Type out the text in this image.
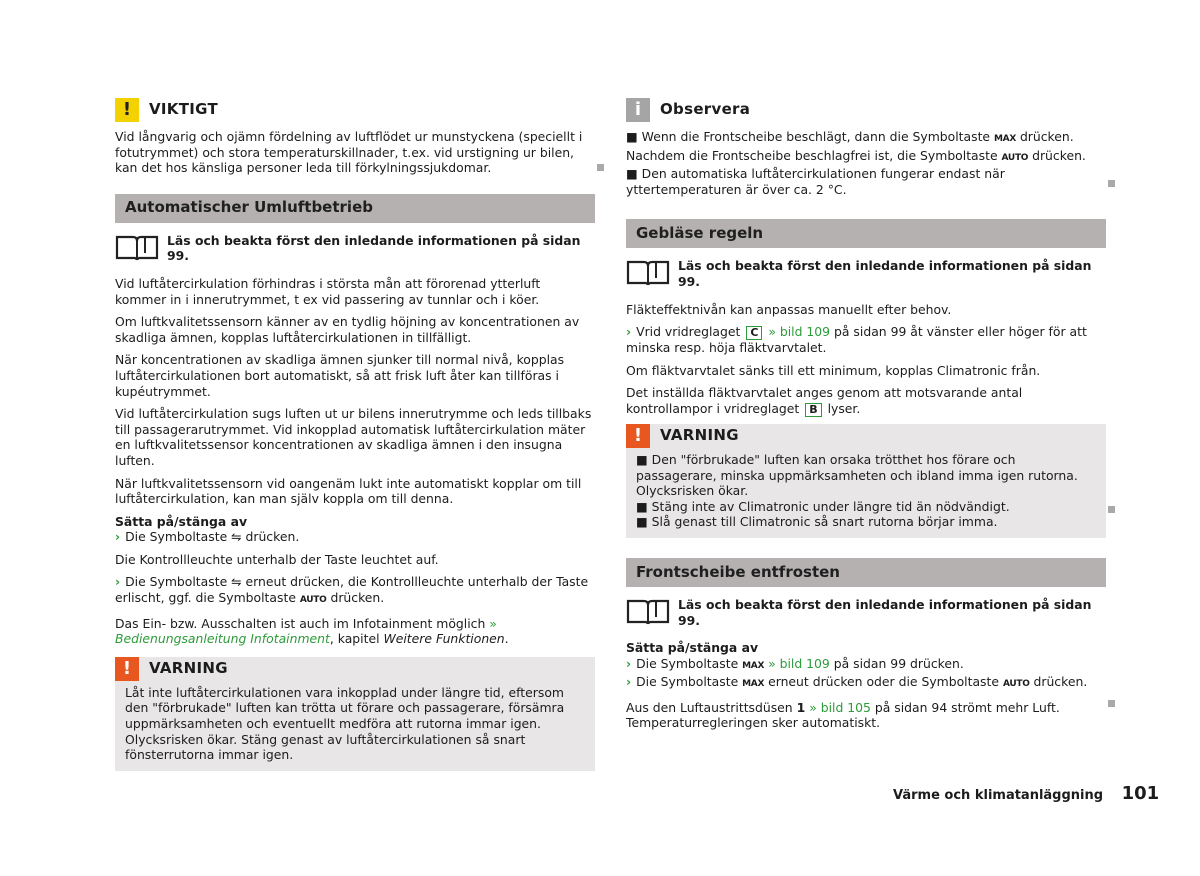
!	VIKTIGT

Vid långvarig och ojämn fördelning av luftflödet ur munstyckena (speciellt i fotutrymmet) och stora temperaturskillnader, t.ex. vid urstigning ur bilen, kan det hos känsliga personer leda till förkylningssjukdomar.

Automatischer Umluftbetrieb
Läs och beakta först den inledande informationen på sidan 99.

Vid luftåtercirkulation förhindras i största mån att förorenad ytterluft kommer in i innerutrymmet, t ex vid passering av tunnlar och i köer.

Om luftkvalitetssensorn känner av en tydlig höjning av koncentrationen av skadliga ämnen, kopplas luftåtercirkulationen in tillfälligt.

När koncentrationen av skadliga ämnen sjunker till normal nivå, kopplas luftåtercirkulationen bort automatiskt, så att frisk luft åter kan tillföras i kupéutrymmet.

Vid luftåtercirkulation sugs luften ut ur bilens innerutrymme och leds tillbaks till passagerarutrymmet. Vid inkopplad automatisk luftåtercirkulation mäter en luftkvalitetssensor koncentrationen av skadliga ämnen i den insugna luften.

När luftkvalitetssensorn vid oangenäm lukt inte automatiskt kopplar om till luftåtercirkulation, kan man själv koppla om till denna.

Sätta på/stänga av

› Die Symboltaste ⇋ drücken.

Die Kontrollleuchte unterhalb der Taste leuchtet auf.

› Die Symboltaste ⇋ erneut drücken, die Kontrollleuchte unterhalb der Taste erlischt, ggf. die Symboltaste AUTO drücken.

Das Ein- bzw. Ausschalten ist auch im Infotainment möglich » Bedienungsanleitung Infotainment, kapitel Weitere Funktionen.

!	VARNING

Låt inte luftåtercirkulationen vara inkopplad under längre tid, eftersom den "förbrukade" luften kan trötta ut förare och passagerare, försämra uppmärksamheten och eventuellt medföra att rutorna immar igen. Olycksrisken ökar. Stäng genast av luftåtercirkulationen så snart fönsterrutorna immar igen.

i	Observera

■ Wenn die Frontscheibe beschlägt, dann die Symboltaste MAX drücken. Nachdem die Frontscheibe beschlagfrei ist, die Symboltaste AUTO drücken.

■ Den automatiska luftåtercirkulationen fungerar endast när yttertemperaturen är över ca. 2 °C.

Gebläse regeln
Läs och beakta först den inledande informationen på sidan 99.

Fläkteffektnivån kan anpassas manuellt efter behov.

› Vrid vridreglaget C » bild 109 på sidan 99 åt vänster eller höger för att minska resp. höja fläktvarvtalet.

Om fläktvarvtalet sänks till ett minimum, kopplas Climatronic från.

Det inställda fläktvarvtalet anges genom att motsvarande antal kontrollampor i vridreglaget B lyser.

!	VARNING

■ Den "förbrukade" luften kan orsaka trötthet hos förare och passagerare, minska uppmärksamheten och ibland imma igen rutorna. Olycksrisken ökar.

■ Stäng inte av Climatronic under längre tid än nödvändigt.

■ Slå genast till Climatronic så snart rutorna börjar imma.

Frontscheibe entfrosten
Läs och beakta först den inledande informationen på sidan 99.

Sätta på/stänga av

› Die Symboltaste MAX » bild 109 på sidan 99 drücken.

› Die Symboltaste MAX erneut drücken oder die Symboltaste AUTO drücken.

Aus den Luftaustrittsdüsen 1 » bild 105 på sidan 94 strömt mehr Luft. Temperaturregleringen sker automatiskt.

Värme och klimatanläggning 101
